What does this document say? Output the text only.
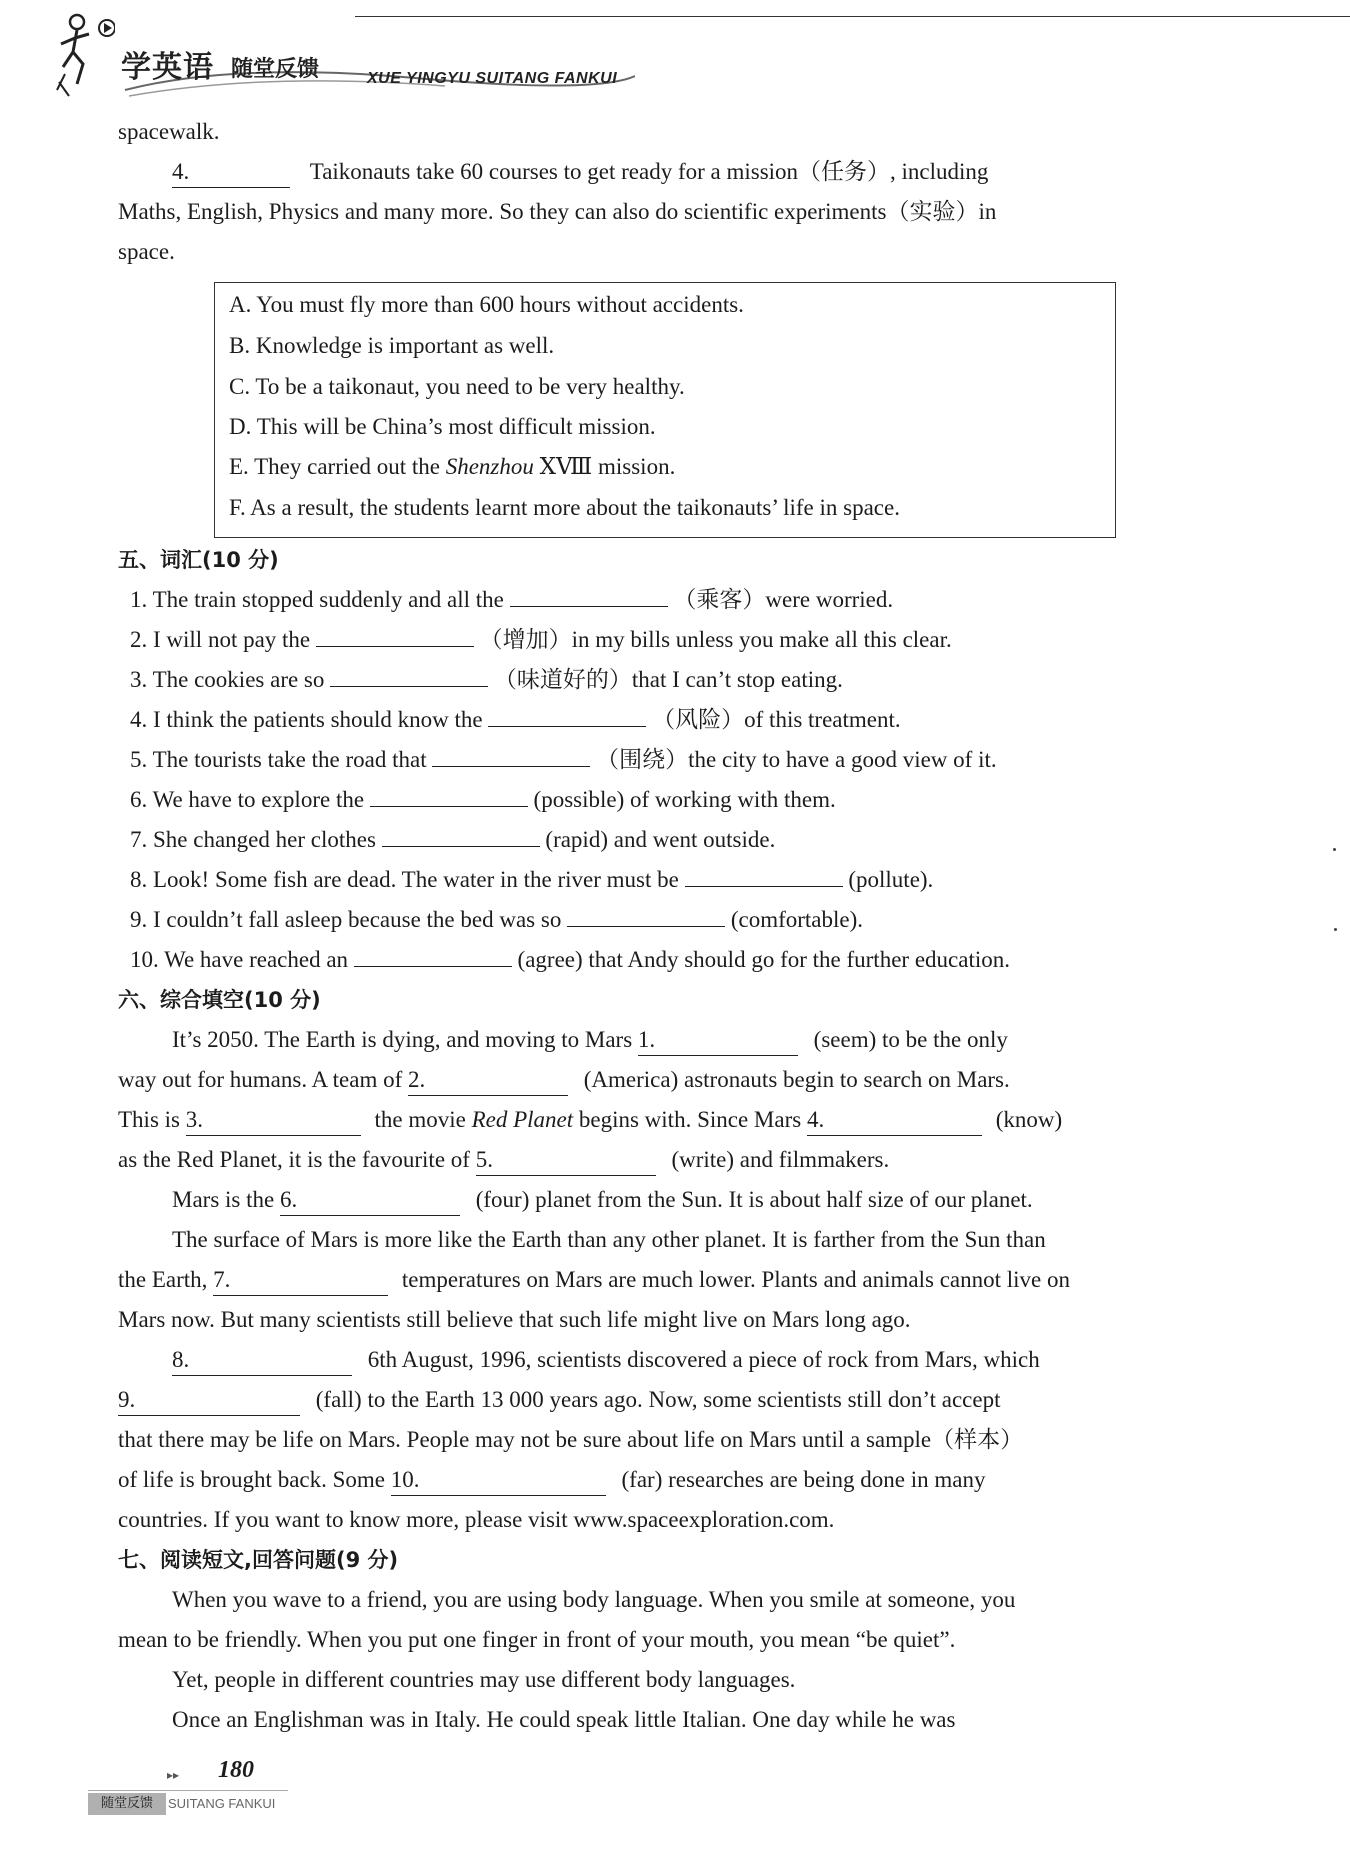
学英语 随堂反馈	XUE YINGYU SUITANG FANKUI
spacewalk.
4.	Taikonauts take 60 courses to get ready for a mission（任务）, including
Maths, English, Physics and many more. So they can also do scientific experiments（实验）in
space.
A. You must fly more than 600 hours without accidents.
B. Knowledge is important as well.
C. To be a taikonaut, you need to be very healthy.
D. This will be China’s most difficult mission.
E. They carried out the Shenzhou ⅩⅧ mission.
F. As a result, the students learnt more about the taikonauts’ life in space.
五、词汇(10 分)
1. The train stopped suddenly and all the	（乘客）were worried.
2. I will not pay the	（增加）in my bills unless you make all this clear.
3. The cookies are so	（味道好的）that I can’t stop eating.
4. I think the patients should know the	（风险）of this treatment.
5. The tourists take the road that	（围绕）the city to have a good view of it.
6. We have to explore the	(possible) of working with them.
7. She changed her clothes	(rapid) and went outside.
8. Look! Some fish are dead. The water in the river must be	(pollute).
9. I couldn’t fall asleep because the bed was so	(comfortable).
10. We have reached an	(agree) that Andy should go for the further education.
六、综合填空(10 分)
It’s 2050. The Earth is dying, and moving to Mars 1.	(seem) to be the only
way out for humans. A team of 2.	(America) astronauts begin to search on Mars.
This is 3.	the movie Red Planet begins with. Since Mars 4.	(know)
as the Red Planet, it is the favourite of 5.	(write) and filmmakers.
Mars is the 6.	(four) planet from the Sun. It is about half size of our planet.
The surface of Mars is more like the Earth than any other planet. It is farther from the Sun than
the Earth, 7.	temperatures on Mars are much lower. Plants and animals cannot live on
Mars now. But many scientists still believe that such life might live on Mars long ago.
8.	6th August, 1996, scientists discovered a piece of rock from Mars, which
9.	(fall) to the Earth 13 000 years ago. Now, some scientists still don’t accept
that there may be life on Mars. People may not be sure about life on Mars until a sample（样本）
of life is brought back. Some 10.	(far) researches are being done in many
countries. If you want to know more, please visit www.spaceexploration.com.
七、阅读短文,回答问题(9 分)
When you wave to a friend, you are using body language. When you smile at someone, you
mean to be friendly. When you put one finger in front of your mouth, you mean “be quiet”.
Yet, people in different countries may use different body languages.
Once an Englishman was in Italy. He could speak little Italian. One day while he was
▸▸ 180
随堂反馈	SUITANG FANKUI
